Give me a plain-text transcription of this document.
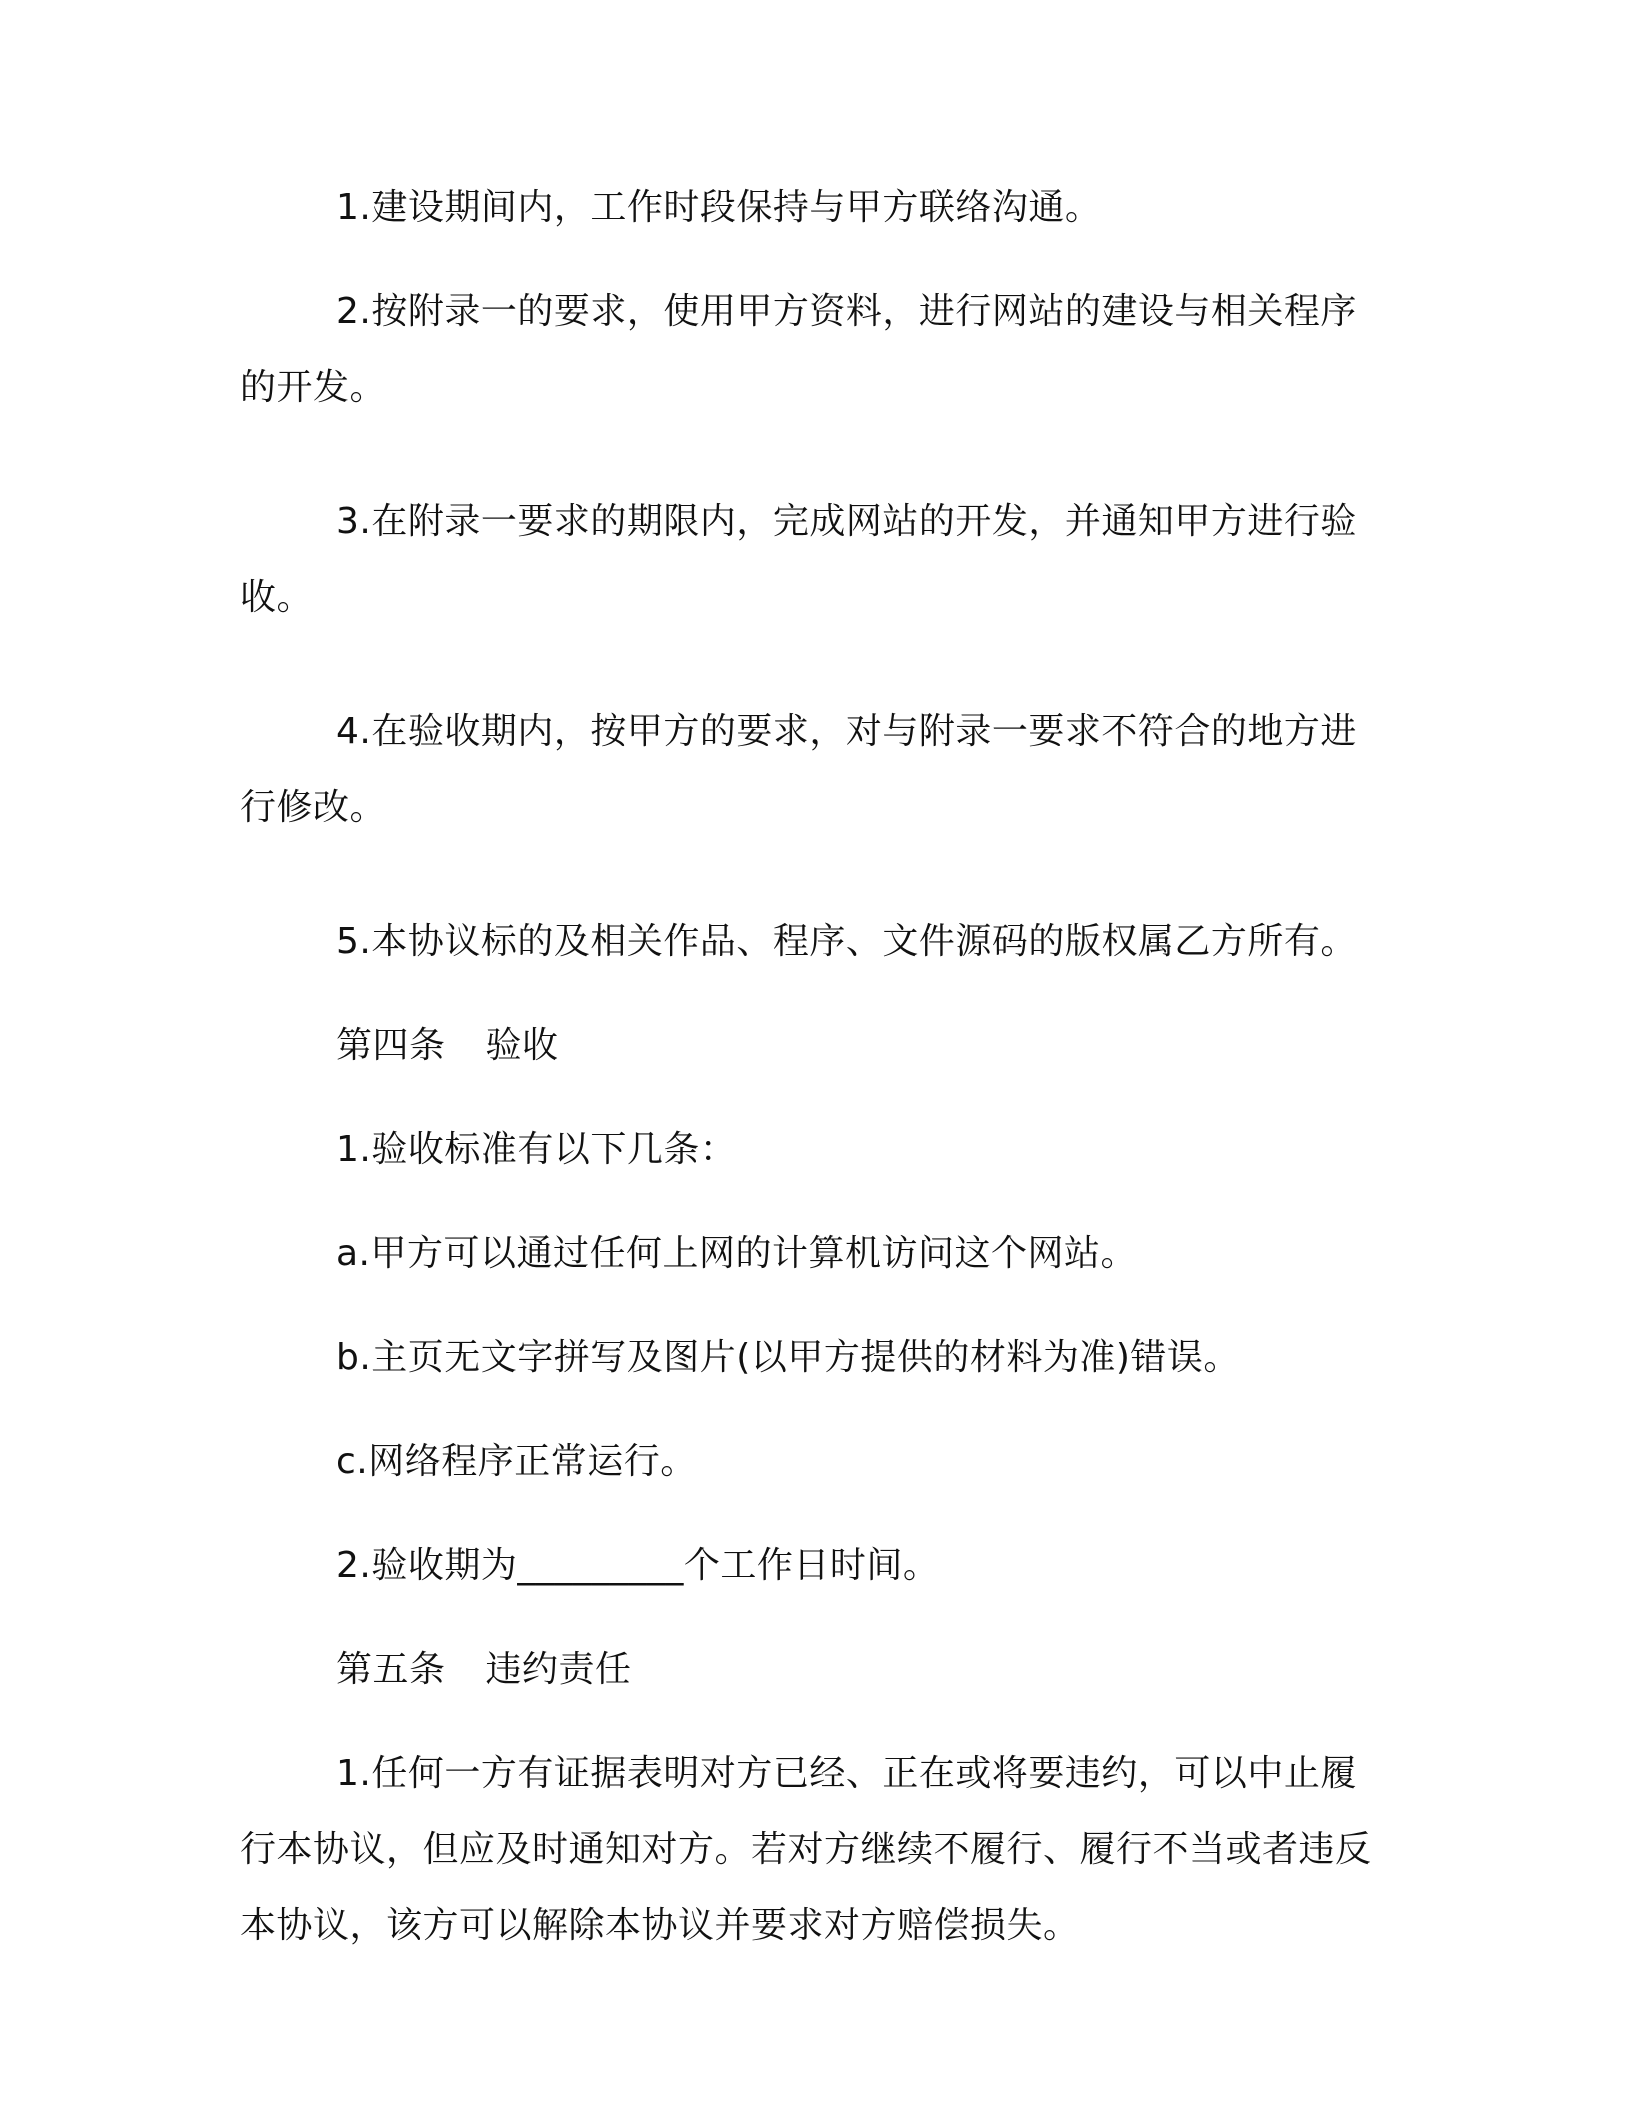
1.建设期间内，工作时段保持与甲方联络沟通。

2.按附录一的要求，使用甲方资料，进行网站的建设与相关程序的开发。

3.在附录一要求的期限内，完成网站的开发，并通知甲方进行验收。

4.在验收期内，按甲方的要求，对与附录一要求不符合的地方进行修改。

5.本协议标的及相关作品、程序、文件源码的版权属乙方所有。

第四条 验收

1.验收标准有以下几条：

a.甲方可以通过任何上网的计算机访问这个网站。

b.主页无文字拼写及图片(以甲方提供的材料为准)错误。

c.网络程序正常运行。

2.验收期为_________个工作日时间。

第五条 违约责任

1.任何一方有证据表明对方已经、正在或将要违约，可以中止履行本协议，但应及时通知对方。若对方继续不履行、履行不当或者违反本协议，该方可以解除本协议并要求对方赔偿损失。
